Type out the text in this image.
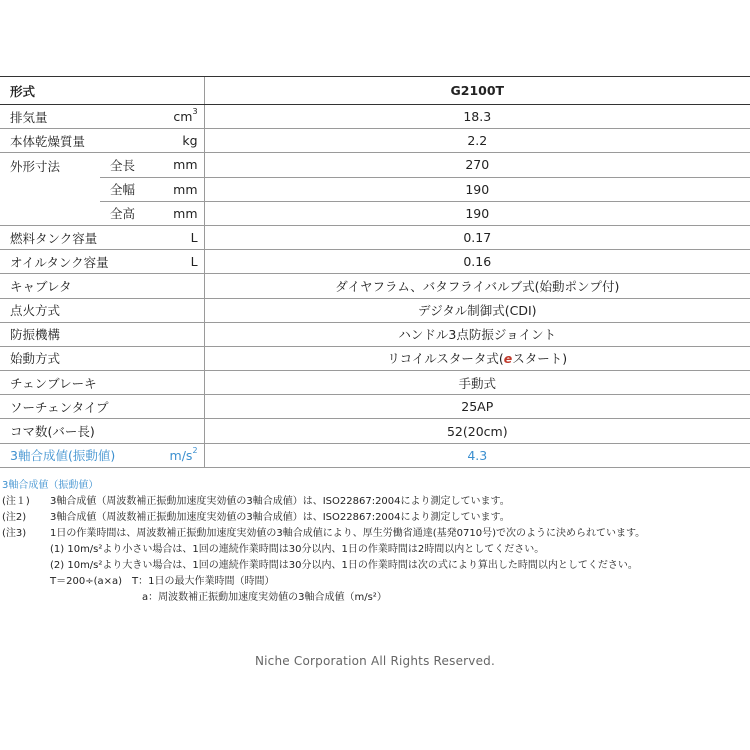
形式			G2100T
排気量		$cm^3$	18.3
本体乾燥質量		kg	2.2
外形寸法	全長	mm	270
	全幅	mm	190
	全高	mm	190
燃料タンク容量		L	0.17
オイルタンク容量		L	0.16
キャブレタ			ダイヤフラム、バタフライバルブ式(始動ポンプ付)
点火方式			デジタル制御式(CDI)
防振機構			ハンドル3点防振ジョイント
始動方式			リコイルスタータ式(eスタート)
チェンブレーキ			手動式
ソーチェンタイプ			25AP
コマ数(バー長)			52(20cm)
3軸合成値(振動値)		$m/s^2$	4.3
3軸合成値（振動値）
(注１)	3軸合成値（周波数補正振動加速度実効値の3軸合成値）は、ISO22867:2004により測定しています。
(注2)	3軸合成値（周波数補正振動加速度実効値の3軸合成値）は、ISO22867:2004により測定しています。
(注3)	1日の作業時間は、周波数補正振動加速度実効値の3軸合成値により、厚生労働省通達(基発0710号)で次のように決められています。
(1) 10m/s²より小さい場合は、1回の連続作業時間は30分以内、1日の作業時間は2時間以内としてください。
(2) 10m/s²より大きい場合は、1回の連続作業時間は30分以内、1日の作業時間は次の式により算出した時間以内としてください。
T＝200÷(a×a)　T：1日の最大作業時間（時間）
a：周波数補正振動加速度実効値の3軸合成値（m/s²）
Niche Corporation All Rights Reserved.
